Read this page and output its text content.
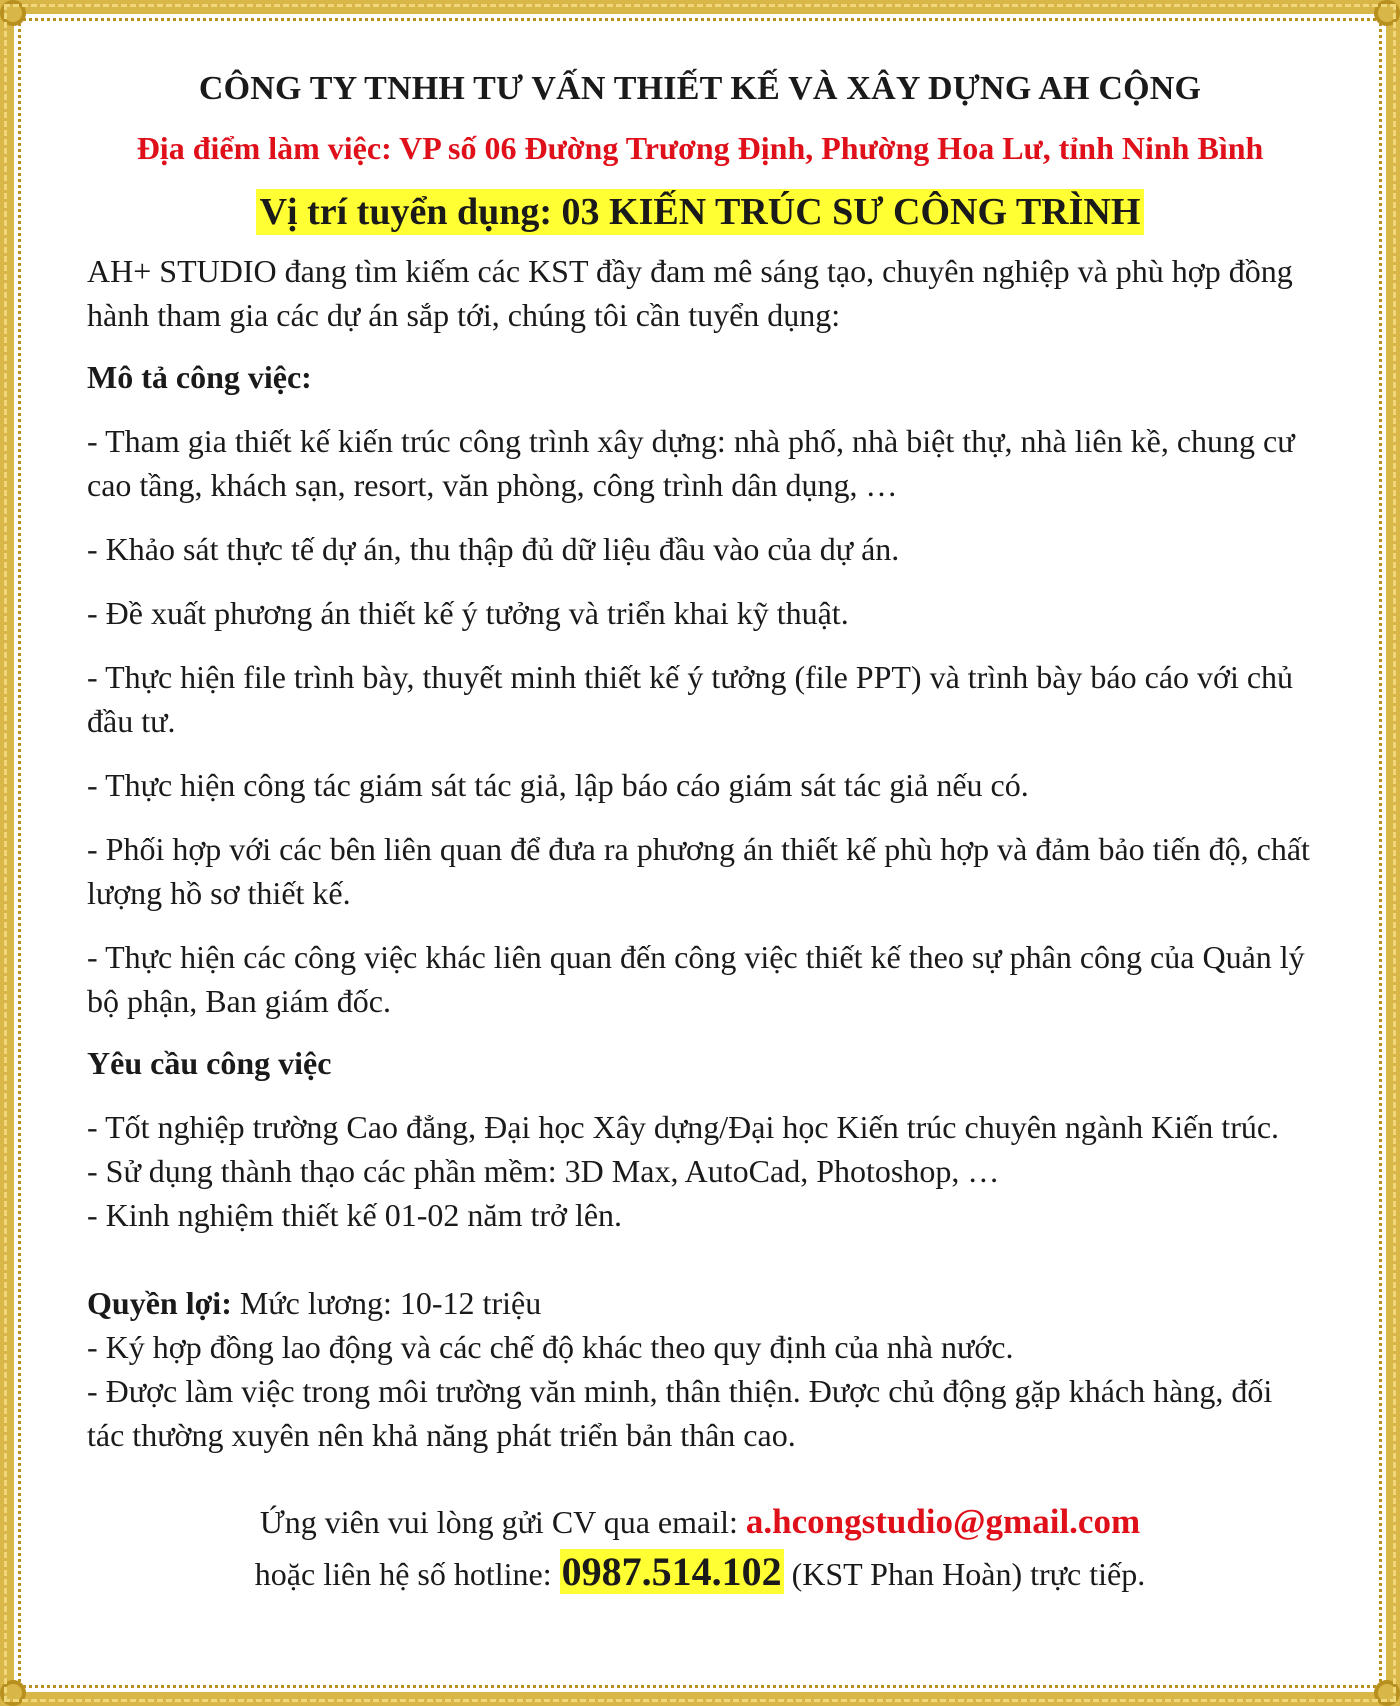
CÔNG TY TNHH TƯ VẤN THIẾT KẾ VÀ XÂY DỰNG AH CỘNG
Địa điểm làm việc: VP số 06 Đường Trương Định, Phường Hoa Lư, tỉnh Ninh Bình
Vị trí tuyển dụng: 03 KIẾN TRÚC SƯ CÔNG TRÌNH

AH+ STUDIO đang tìm kiếm các KST đầy đam mê sáng tạo, chuyên nghiệp và phù hợp đồng hành tham gia các dự án sắp tới, chúng tôi cần tuyển dụng:

Mô tả công việc:

- Tham gia thiết kế kiến trúc công trình xây dựng: nhà phố, nhà biệt thự, nhà liên kề, chung cư cao tầng, khách sạn, resort, văn phòng, công trình dân dụng, …

- Khảo sát thực tế dự án, thu thập đủ dữ liệu đầu vào của dự án.

- Đề xuất phương án thiết kế ý tưởng và triển khai kỹ thuật.

- Thực hiện file trình bày, thuyết minh thiết kế ý tưởng (file PPT) và trình bày báo cáo với chủ đầu tư.

- Thực hiện công tác giám sát tác giả, lập báo cáo giám sát tác giả nếu có.

- Phối hợp với các bên liên quan để đưa ra phương án thiết kế phù hợp và đảm bảo tiến độ, chất lượng hồ sơ thiết kế.

- Thực hiện các công việc khác liên quan đến công việc thiết kế theo sự phân công của Quản lý bộ phận, Ban giám đốc.

Yêu cầu công việc

- Tốt nghiệp trường Cao đẳng, Đại học Xây dựng/Đại học Kiến trúc chuyên ngành Kiến trúc.

- Sử dụng thành thạo các phần mềm: 3D Max, AutoCad, Photoshop, …

- Kinh nghiệm thiết kế 01-02 năm trở lên.

Quyền lợi: Mức lương: 10-12 triệu

- Ký hợp đồng lao động và các chế độ khác theo quy định của nhà nước.

- Được làm việc trong môi trường văn minh, thân thiện. Được chủ động gặp khách hàng, đối tác thường xuyên nên khả năng phát triển bản thân cao.

Ứng viên vui lòng gửi CV qua email: a.hcongstudio@gmail.com
hoặc liên hệ số hotline: 0987.514.102 (KST Phan Hoàn) trực tiếp.
